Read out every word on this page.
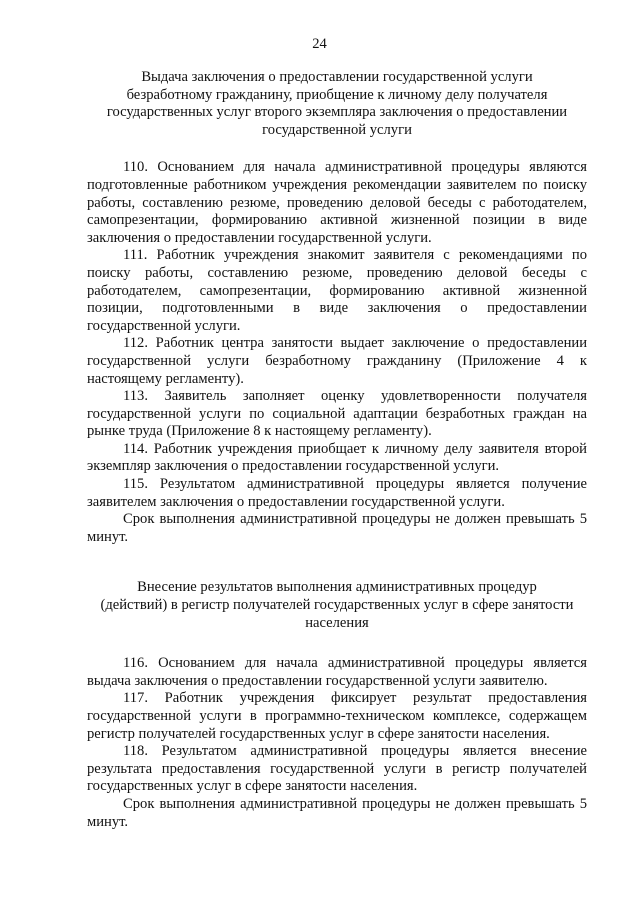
24
Выдача заключения о предоставлении государственной услуги
безработному гражданину, приобщение к личному делу получателя
государственных услуг второго экземпляра заключения о предоставлении
государственной услуги

110. Основанием для начала административной процедуры являются подготовленные работником учреждения рекомендации заявителем по поиску работы, составлению резюме, проведению деловой беседы с работодателем, самопрезентации, формированию активной жизненной позиции в виде заключения о предоставлении государственной услуги.

111. Работник учреждения знакомит заявителя с рекомендациями по поиску работы, составлению резюме, проведению деловой беседы с работодателем, самопрезентации, формированию активной жизненной позиции, подготовленными в виде заключения о предоставлении государственной услуги.

112. Работник центра занятости выдает заключение о предоставлении государственной услуги безработному гражданину (Приложение 4 к настоящему регламенту).

113. Заявитель заполняет оценку удовлетворенности получателя государственной услуги по социальной адаптации безработных граждан на рынке труда (Приложение 8 к настоящему регламенту).

114. Работник учреждения приобщает к личному делу заявителя второй экземпляр заключения о предоставлении государственной услуги.

115. Результатом административной процедуры является получение заявителем заключения о предоставлении государственной услуги.

Срок выполнения административной процедуры не должен превышать 5 минут.

Внесение результатов выполнения административных процедур
(действий) в регистр получателей государственных услуг в сфере занятости
населения

116. Основанием для начала административной процедуры является выдача заключения о предоставлении государственной услуги заявителю.

117. Работник учреждения фиксирует результат предоставления государственной услуги в программно-техническом комплексе, содержащем регистр получателей государственных услуг в сфере занятости населения.

118. Результатом административной процедуры является внесение результата предоставления государственной услуги в регистр получателей государственных услуг в сфере занятости населения.

Срок выполнения административной процедуры не должен превышать 5 минут.
